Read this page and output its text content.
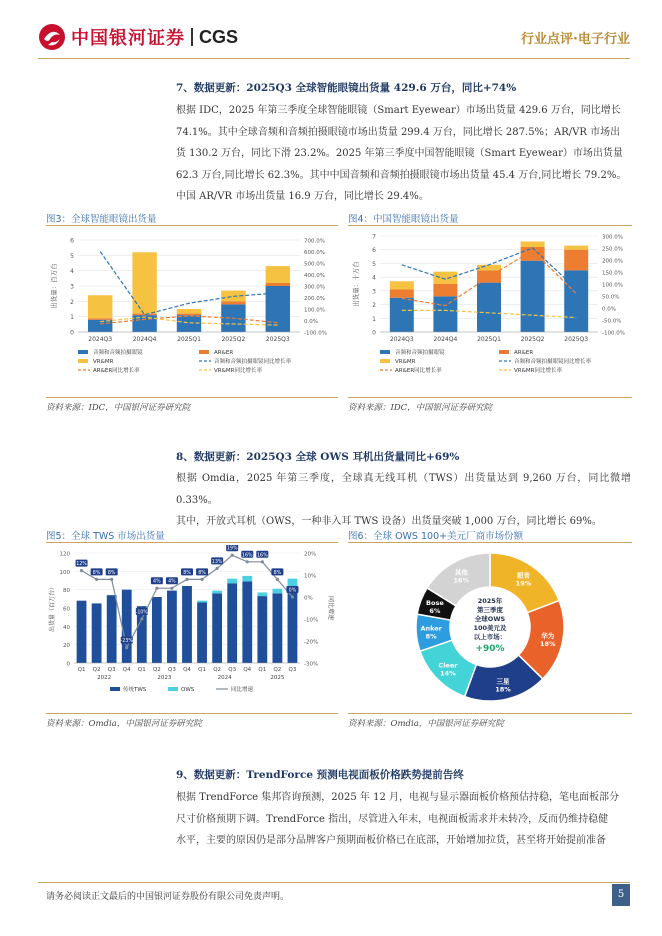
中国银河证券 CGS	行业点评·电子行业
7、数据更新：2025Q3 全球智能眼镜出货量 429.6 万台，同比+74%
根据 IDC，2025 年第三季度全球智能眼镜（Smart Eyewear）市场出货量 429.6 万台，同比增长
74.1%。其中全球音频和音频拍摄眼镜市场出货量 299.4 万台，同比增长 287.5%；AR/VR 市场出
货 130.2 万台，同比下滑 23.2%。2025 年第三季度中国智能眼镜（Smart Eyewear）市场出货量
62.3 万台,同比增长 62.3%。其中中国音频和音频拍摄眼镜市场出货量 45.4 万台,同比增长 79.2%。
中国 AR/VR 市场出货量 16.9 万台，同比增长 29.4%。
图3：全球智能眼镜出货量
0
1
2
3
4
5
6
-100.0%
0.0%
100.0%
200.0%
300.0%
400.0%
500.0%
600.0%
700.0%
出货量：百万台
2024Q3	2024Q4	2025Q1	2025Q2	2025Q3
音频和音频拍摄眼镜	AR&ER
VR&MR	音频和音频拍摄眼镜同比增长率
AR&ER同比增长率	VR&MR同比增长率
资料来源：IDC，中国银河证券研究院
图4：中国智能眼镜出货量
0
1
2
3
4
5
6
7
-100.0%
-50.0%
0.0%
50.0%
100.0%
150.0%
200.0%
250.0%
300.0%
出货量：十万台
2024Q3	2024Q4	2025Q1	2025Q2	2025Q3
音频和音频拍摄眼镜	AR&ER
VR&MR	音频和音频拍摄眼镜同比增长率
AR&ER同比增长率	VR&MR同比增长率
资料来源：IDC，中国银河证券研究院
8、数据更新：2025Q3 全球 OWS 耳机出货量同比+69%
根据 Omdia，2025 年第三季度，全球真无线耳机（TWS）出货量达到 9,260 万台，同比微增 0.33%。
其中，开放式耳机（OWS，一种非入耳 TWS 设备）出货量突破 1,000 万台，同比增长 69%。
图5：全球 TWS 市场出货量
0
20
40
60
80
100
120
-30%
-20%
-10%
0%
10%
20%
出货量（百万台）	同比增速
Q1 Q2 Q3 Q4 Q1 Q2 Q3 Q4 Q1 Q2 Q3 Q4 Q1 Q2 Q3
2022	2023	2024	2025
12%
8% 8%
-23%
-10%
4% 4%
8% 8%
13%
19%
16% 16%
8%
0%
传统TWS	OWS	同比增速
资料来源：Omdia，中国银河证券研究院
图6：全球 OWS 100+美元厂商市场份额
韶音
19%
华为
18%
三星
18%
Cleer
14%
Anker
8%
Bose
6%
其他
16%
2025年
第三季度
全球OWS
100美元及
以上市场：
+90%
资料来源：Omdia，中国银河证券研究院
9、数据更新：TrendForce 预测电视面板价格跌势提前告终
根据 TrendForce 集邦咨询预测，2025 年 12 月，电视与显示器面板价格预估持稳，笔电面板部分
尺寸价格预期下调。TrendForce 指出，尽管进入年末，电视面板需求并未转冷，反而仍维持稳健
水平，主要的原因仍是部分品牌客户预期面板价格已在底部，开始增加拉货，甚至将开始提前准备
请务必阅读正文最后的中国银河证券股份有限公司免责声明。	5
